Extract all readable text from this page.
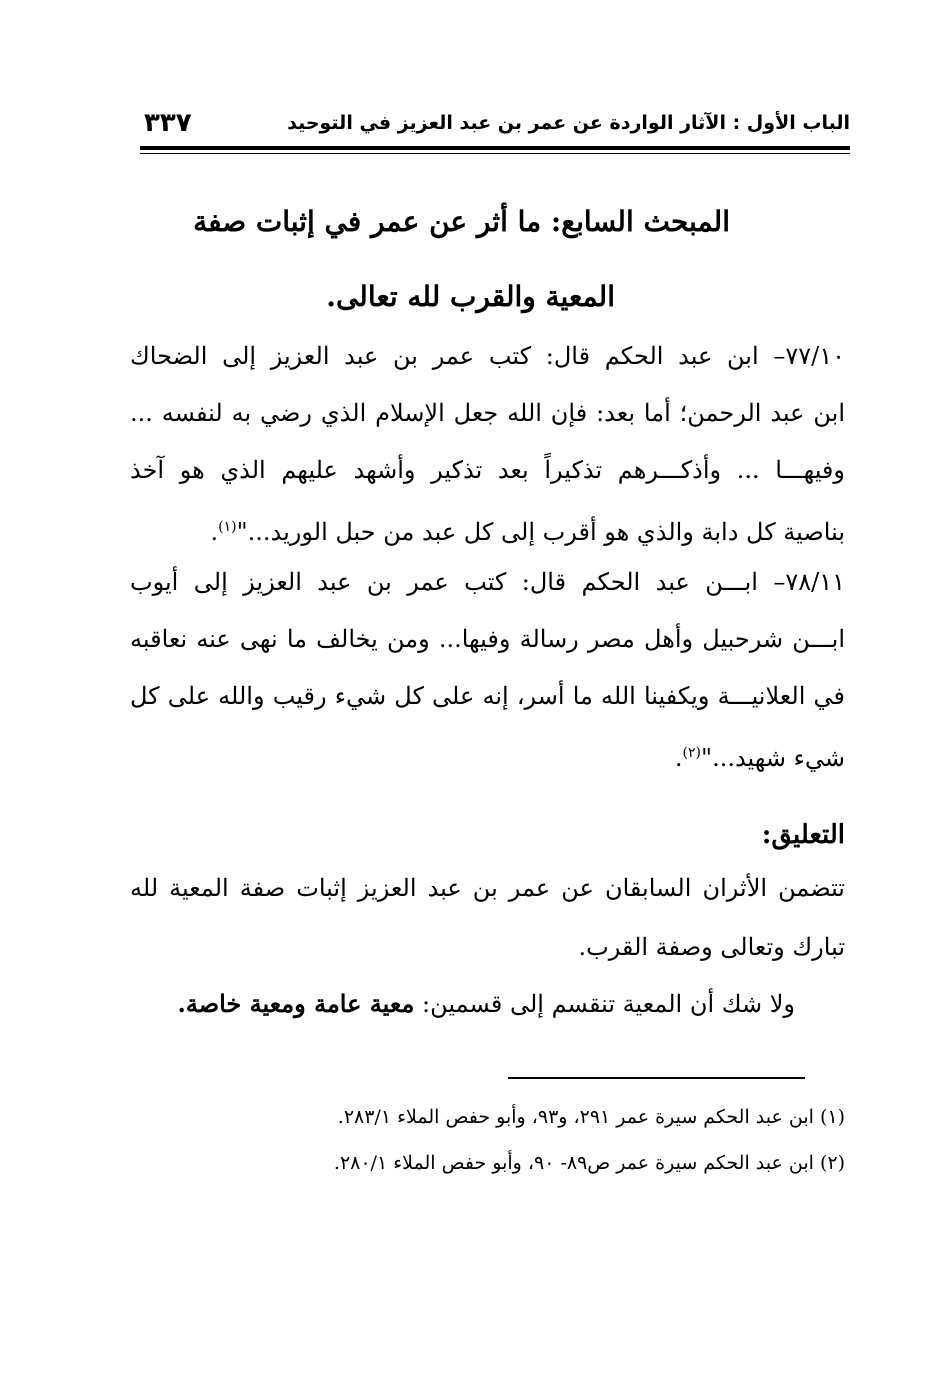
الباب الأول : الآثار الواردة عن عمر بن عبد العزيز في التوحيد
٣٣٧
المبحث السابع: ما أثر عن عمر في إثبات صفة
المعية والقرب لله تعالى.
٧٧/١٠– ابن عبد الحكم قال: كتب عمر بن عبد العزيز إلى الضحاك
ابن عبد الرحمن؛ أما بعد: فإن الله جعل الإسلام الذي رضي به لنفسه ...
وفيهـــا ... وأذكـــرهم تذكيراً بعد تذكير وأشهد عليهم الذي هو آخذ
بناصية كل دابة والذي هو أقرب إلى كل عبد من حبل الوريد..."$^{(١)}$.
٧٨/١١– ابـــن عبد الحكم قال: كتب عمر بن عبد العزيز إلى أيوب
ابـــن شرحبيل وأهل مصر رسالة وفيها... ومن يخالف ما نهى عنه نعاقبه
في العلانيـــة ويكفينا الله ما أسر، إنه على كل شيء رقيب والله على كل
شيء شهيد..."$^{(٢)}$.
التعليق:
تتضمن الأثران السابقان عن عمر بن عبد العزيز إثبات صفة المعية لله
تبارك وتعالى وصفة القرب.
ولا شك أن المعية تنقسم إلى قسمين: معية عامة ومعية خاصة.
(١) ابن عبد الحكم سيرة عمر ٢٩١، و٩٣، وأبو حفص الملاء ٢٨٣/١.
(٢) ابن عبد الحكم سيرة عمر ص٨٩- ٩٠، وأبو حفص الملاء ٢٨٠/١.
